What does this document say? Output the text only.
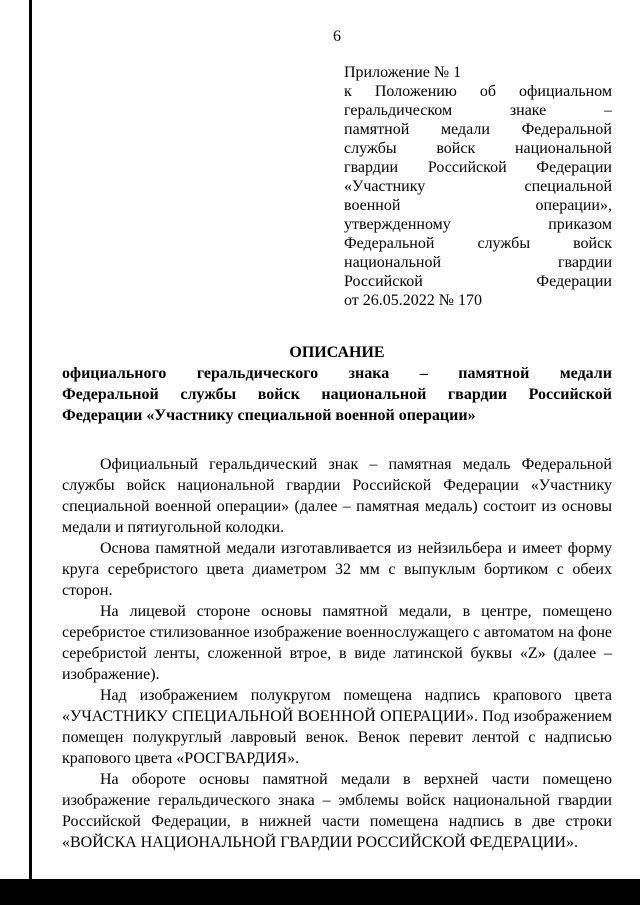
6
Приложение № 1
к Положению об официальном
геральдическом знаке –
памятной медали Федеральной
службы войск национальной
гвардии Российской Федерации
«Участнику специальной
военной операции»,
утвержденному приказом
Федеральной службы войск
национальной гвардии
Российской Федерации
от 26.05.2022 № 170
ОПИСАНИЕ
официального геральдического знака – памятной медали
Федеральной службы войск национальной гвардии Российской
Федерации «Участнику специальной военной операции»

Официальный геральдический знак – памятная медаль Федеральной службы войск национальной гвардии Российской Федерации «Участнику специальной военной операции» (далее – памятная медаль) состоит из основы медали и пятиугольной колодки.

Основа памятной медали изготавливается из нейзильбера и имеет форму круга серебристого цвета диаметром 32 мм с выпуклым бортиком с обеих сторон.

На лицевой стороне основы памятной медали, в центре, помещено серебристое стилизованное изображение военнослужащего с автоматом на фоне серебристой ленты, сложенной втрое, в виде латинской буквы «Z» (далее – изображение).

Над изображением полукругом помещена надпись крапового цвета «УЧАСТНИКУ СПЕЦИАЛЬНОЙ ВОЕННОЙ ОПЕРАЦИИ». Под изображением помещен полукруглый лавровый венок. Венок перевит лентой с надписью крапового цвета «РОСГВАРДИЯ».

На обороте основы памятной медали в верхней части помещено изображение геральдического знака – эмблемы войск национальной гвардии Российской Федерации, в нижней части помещена надпись в две строки «ВОЙСКА НАЦИОНАЛЬНОЙ ГВАРДИИ РОССИЙСКОЙ ФЕДЕРАЦИИ».
